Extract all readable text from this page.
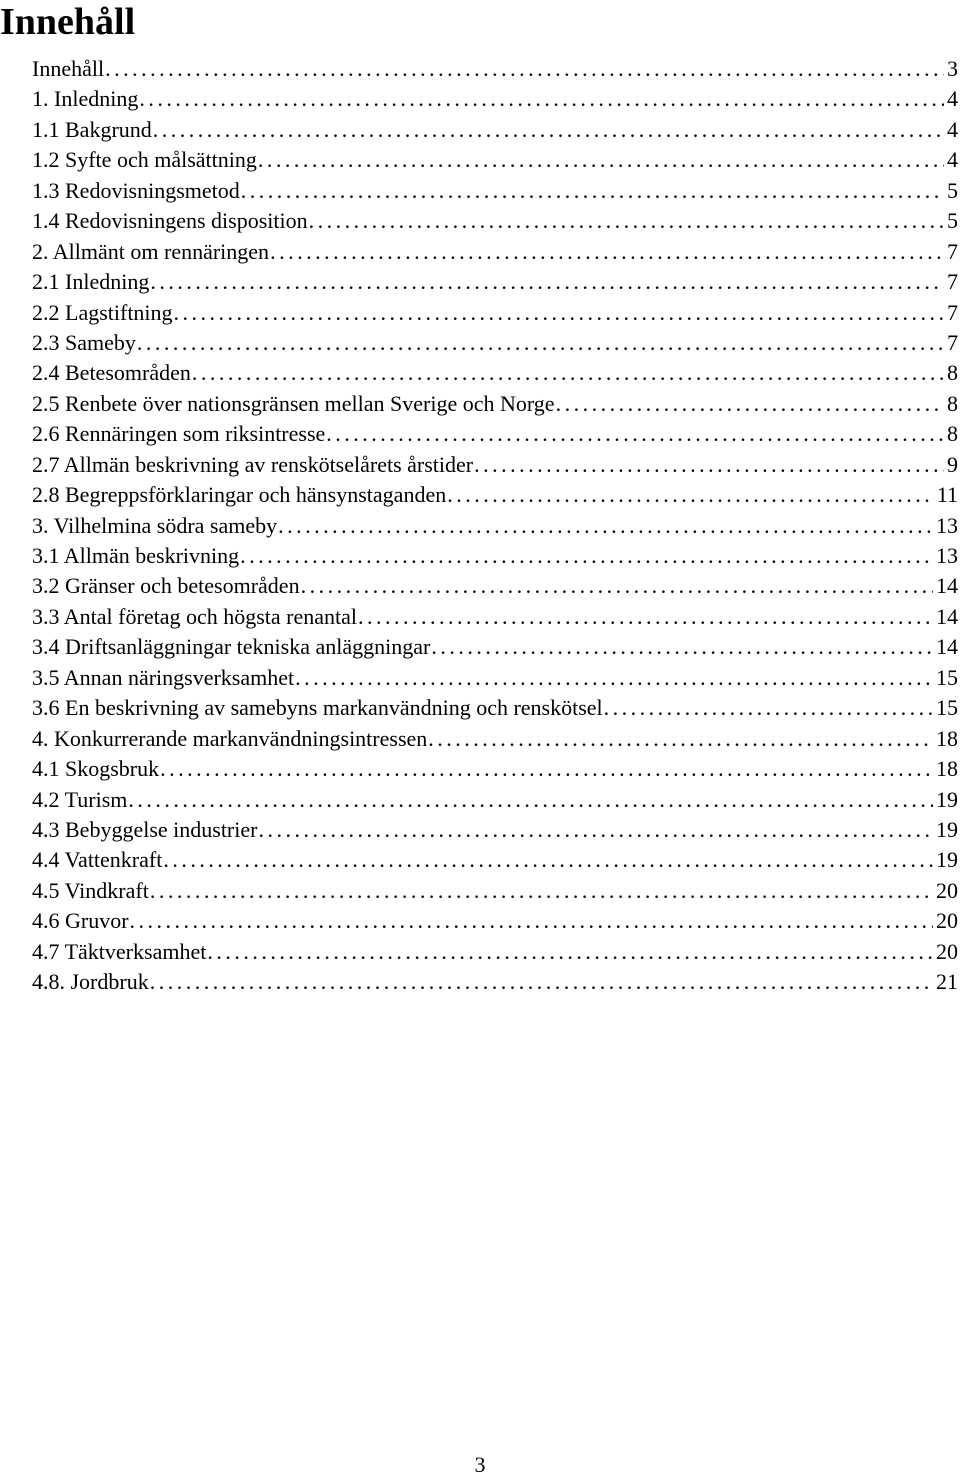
Innehåll
Innehåll . . .	3
1. Inledning . . .	4
1.1 Bakgrund . . .	4
1.2 Syfte och målsättning . . .	4
1.3 Redovisningsmetod . . .	5
1.4 Redovisningens disposition . . .	5
2. Allmänt om rennäringen . . .	7
2.1 Inledning . . .	7
2.2 Lagstiftning . . .	7
2.3 Sameby . . .	7
2.4 Betesområden . . .	8
2.5 Renbete över nationsgränsen mellan Sverige och Norge . . .	8
2.6 Rennäringen som riksintresse . . .	8
2.7 Allmän beskrivning av renskötselårets årstider . . .	9
2.8 Begreppsförklaringar och hänsynstaganden . . .	11
3. Vilhelmina södra sameby . . .	13
3.1 Allmän beskrivning . . .	13
3.2 Gränser och betesområden . . .	14
3.3 Antal företag och högsta renantal . . .	14
3.4 Driftsanläggningar tekniska anläggningar . . .	14
3.5 Annan näringsverksamhet . . .	15
3.6 En beskrivning av samebyns markanvändning och renskötsel . . .	15
4. Konkurrerande markanvändningsintressen . . .	18
4.1 Skogsbruk . . .	18
4.2 Turism . . .	19
4.3 Bebyggelse industrier . . .	19
4.4 Vattenkraft . . .	19
4.5 Vindkraft . . .	20
4.6 Gruvor . . .	20
4.7 Täktverksamhet . . .	20
4.8. Jordbruk . . .	21
3
